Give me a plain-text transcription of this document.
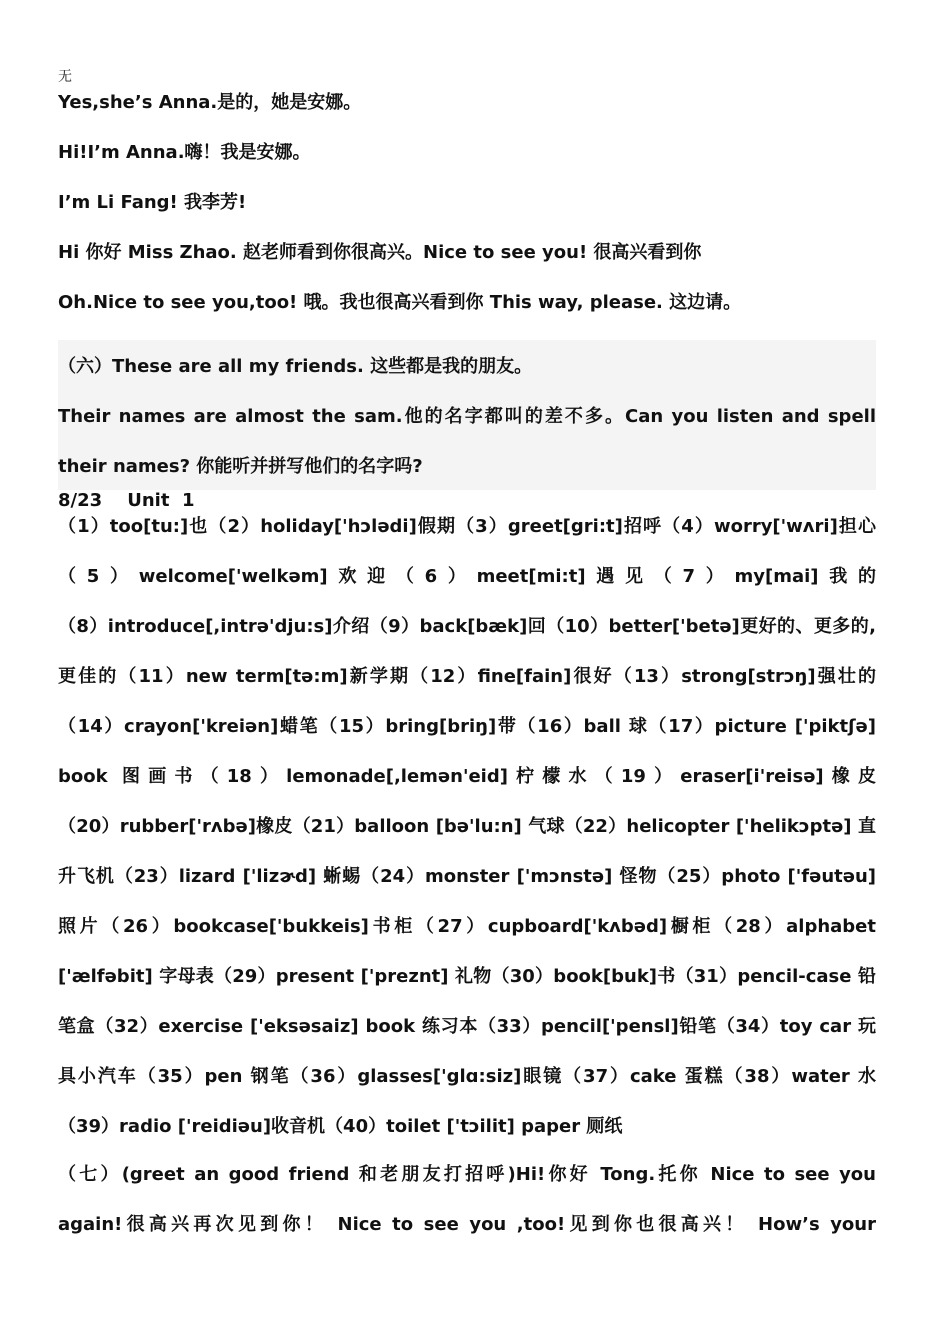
无
Yes,she’s Anna.是的，她是安娜。
Hi!I’m Anna.嗨！我是安娜。
I’m Li Fang! 我李芳!
Hi 你好 Miss Zhao. 赵老师看到你很高兴。Nice to see you! 很高兴看到你
Oh.Nice to see you,too! 哦。我也很高兴看到你 This way, please. 这边请。
（六）These are all my friends. 这些都是我的朋友。
Their names are almost the sam.他的名字都叫的差不多。Can you listen and spell
their names? 你能听并拼写他们的名字吗?
8/23    Unit  1
（1）too[tu:]也（2）holiday['hɔlədi]假期（3）greet[gri:t]招呼（4）worry['wʌri]担心
（5）welcome['welkəm]欢迎（6）meet[mi:t]遇见（7）my[mai]我的
（8）introduce[,intrə'dju:s]介绍（9）back[bæk]回（10）better['betə]更好的、更多的,
更佳的（11）new term[tə:m]新学期（12）fine[fain]很好（13）strong[strɔŋ]强壮的
（14）crayon['kreiən]蜡笔（15）bring[briŋ]带（16）ball 球（17）picture ['piktʃə]
book 图画书（18）lemonade[,lemən'eid]柠檬水（19）eraser[i'reisə]橡皮
（20）rubber['rʌbə]橡皮（21）balloon [bə'lu:n] 气球（22）helicopter ['helikɔptə] 直
升飞机（23）lizard ['lizɚd] 蜥蜴（24）monster ['mɔnstə] 怪物（25）photo ['fəutəu]
照片（26）bookcase['bukkeis]书柜（27）cupboard['kʌbəd]橱柜（28）alphabet
['ælfəbit] 字母表（29）present ['preznt] 礼物（30）book[buk]书（31）pencil-case 铅
笔盒（32）exercise ['eksəsaiz] book 练习本（33）pencil['pensl]铅笔（34）toy car 玩
具小汽车（35）pen 钢笔（36）glasses['glɑ:siz]眼镜（37）cake 蛋糕（38）water 水
（39）radio ['reidiəu]收音机（40）toilet ['tɔilit] paper 厕纸
（七）(greet an good friend 和老朋友打招呼)Hi!你好 Tong.托你 Nice to see you
again!很高兴再次见到你！ Nice to see you ,too!见到你也很高兴！ How’s your
